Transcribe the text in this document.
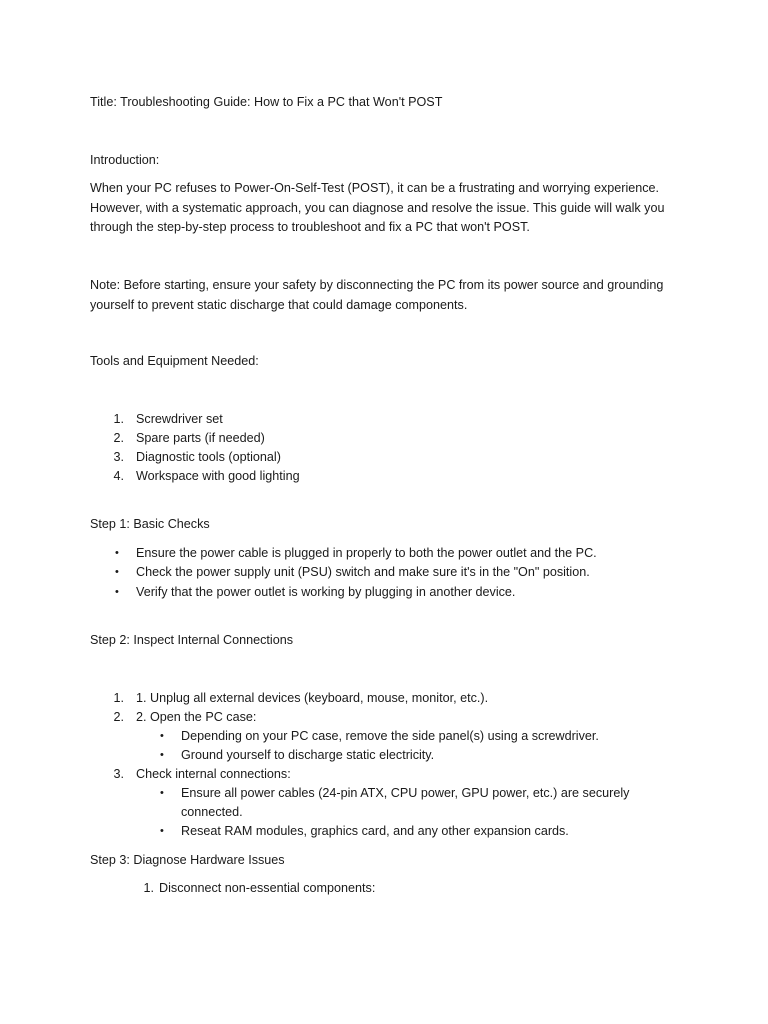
Title: Troubleshooting Guide: How to Fix a PC that Won't POST
Introduction:
When your PC refuses to Power-On-Self-Test (POST), it can be a frustrating and worrying experience.
However, with a systematic approach, you can diagnose and resolve the issue. This guide will walk you
through the step-by-step process to troubleshoot and fix a PC that won't POST.
Note: Before starting, ensure your safety by disconnecting the PC from its power source and grounding
yourself to prevent static discharge that could damage components.
Tools and Equipment Needed:
1. Screwdriver set
2. Spare parts (if needed)
3. Diagnostic tools (optional)
4. Workspace with good lighting
Step 1: Basic Checks
• Ensure the power cable is plugged in properly to both the power outlet and the PC.
• Check the power supply unit (PSU) switch and make sure it's in the "On" position.
• Verify that the power outlet is working by plugging in another device.
Step 2: Inspect Internal Connections
1. 1. Unplug all external devices (keyboard, mouse, monitor, etc.).
2. 2. Open the PC case:
• Depending on your PC case, remove the side panel(s) using a screwdriver.
• Ground yourself to discharge static electricity.
3. Check internal connections:
• Ensure all power cables (24-pin ATX, CPU power, GPU power, etc.) are securely
connected.
• Reseat RAM modules, graphics card, and any other expansion cards.
Step 3: Diagnose Hardware Issues
1. Disconnect non-essential components:
